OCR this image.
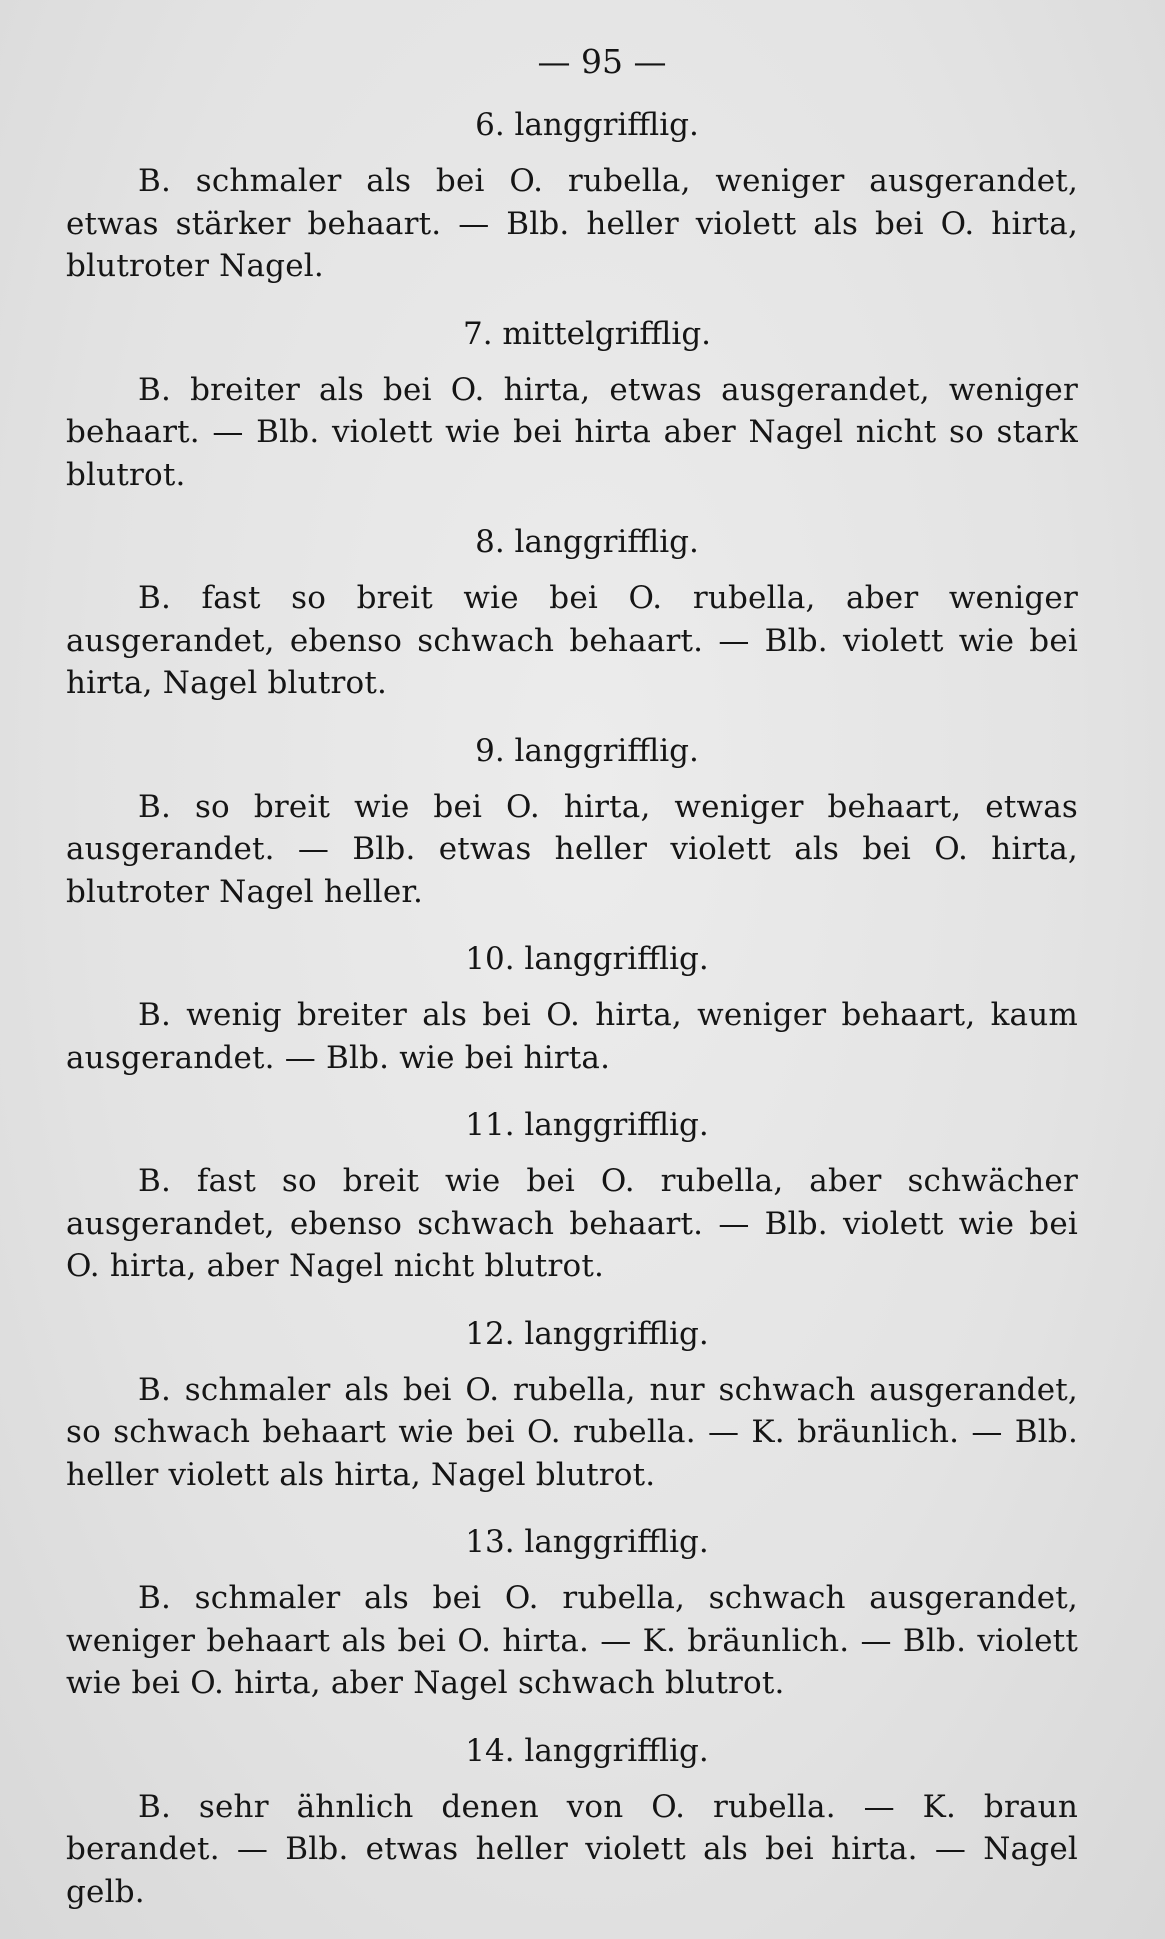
— 95 —
6. langgrifflig.

B. schmaler als bei O. rubella, weniger ausgerandet, etwas stärker behaart. — Blb. heller violett als bei O. hirta, blutroter Nagel.

7. mittelgrifflig.

B. breiter als bei O. hirta, etwas ausgerandet, weniger behaart. — Blb. violett wie bei hirta aber Nagel nicht so stark blutrot.

8. langgrifflig.

B. fast so breit wie bei O. rubella, aber weniger ausgerandet, ebenso schwach behaart. — Blb. violett wie bei hirta, Nagel blutrot.

9. langgrifflig.

B. so breit wie bei O. hirta, weniger behaart, etwas ausgerandet. — Blb. etwas heller violett als bei O. hirta, blutroter Nagel heller.

10. langgrifflig.

B. wenig breiter als bei O. hirta, weniger behaart, kaum ausgerandet. — Blb. wie bei hirta.

11. langgrifflig.

B. fast so breit wie bei O. rubella, aber schwächer ausgerandet, ebenso schwach behaart. — Blb. violett wie bei O. hirta, aber Nagel nicht blutrot.

12. langgrifflig.

B. schmaler als bei O. rubella, nur schwach ausgerandet, so schwach behaart wie bei O. rubella. — K. bräunlich. — Blb. heller violett als hirta, Nagel blutrot.

13. langgrifflig.

B. schmaler als bei O. rubella, schwach ausgerandet, weniger behaart als bei O. hirta. — K. bräunlich. — Blb. violett wie bei O. hirta, aber Nagel schwach blutrot.

14. langgrifflig.

B. sehr ähnlich denen von O. rubella. — K. braun berandet. — Blb. etwas heller violett als bei hirta. — Nagel gelb.
